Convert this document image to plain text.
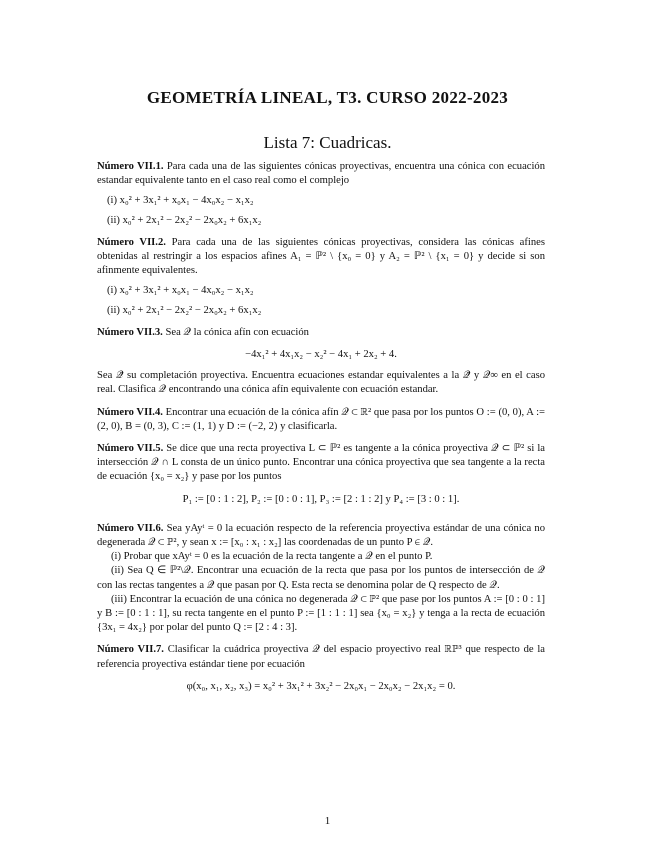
GEOMETRÍA LINEAL, T3. CURSO 2022-2023
Lista 7: Cuadricas.

Número VII.1. Para cada una de las siguientes cónicas proyectivas, encuentra una cónica con ecuación estandar equivalente tanto en el caso real como el complejo

(i) x₀² + 3x₁² + x₀x₁ − 4x₀x₂ − x₁x₂
(ii) x₀² + 2x₁² − 2x₂² − 2x₀x₂ + 6x₁x₂

Número VII.2. Para cada una de las siguientes cónicas proyectivas, considera las cónicas afines obtenidas al restringir a los espacios afines A₁ = ℙ² \ {x₀ = 0} y A₂ = ℙ² \ {x₁ = 0} y decide si son afinmente equivalentes.

(i) x₀² + 3x₁² + x₀x₁ − 4x₀x₂ − x₁x₂
(ii) x₀² + 2x₁² − 2x₂² − 2x₀x₂ + 6x₁x₂

Número VII.3. Sea 𝒬 la cónica afín con ecuación

−4x₁² + 4x₁x₂ − x₂² − 4x₁ + 2x₂ + 4.

Sea 𝒬̄ su completación proyectiva. Encuentra ecuaciones estandar equivalentes a la 𝒬̄ y 𝒬∞ en el caso real. Clasifica 𝒬 encontrando una cónica afín equivalente con ecuación estandar.

Número VII.4. Encontrar una ecuación de la cónica afín 𝒬 ⊂ ℝ² que pasa por los puntos O := (0, 0), A := (2, 0), B = (0, 3), C := (1, 1) y D := (−2, 2) y clasificarla.

Número VII.5. Se dice que una recta proyectiva L ⊂ ℙ² es tangente a la cónica proyectiva 𝒬 ⊂ ℙ² si la intersección 𝒬 ∩ L consta de un único punto. Encontrar una cónica proyectiva que sea tangente a la recta de ecuación {x₀ = x₂} y pase por los puntos

P₁ := [0 : 1 : 2], P₂ := [0 : 0 : 1], P₃ := [2 : 1 : 2] y P₄ := [3 : 0 : 1].

Número VII.6. Sea yAyᵗ = 0 la ecuación respecto de la referencia proyectiva estándar de una cónica no degenerada 𝒬 ⊂ ℙ², y sean x := [x₀ : x₁ : x₂] las coordenadas de un punto P ∈ 𝒬.

(i) Probar que xAyᵗ = 0 es la ecuación de la recta tangente a 𝒬 en el punto P.

(ii) Sea Q ∈ ℙ²\𝒬. Encontrar una ecuación de la recta que pasa por los puntos de intersección de 𝒬 con las rectas tangentes a 𝒬 que pasan por Q. Esta recta se denomina polar de Q respecto de 𝒬.

(iii) Encontrar la ecuación de una cónica no degenerada 𝒬 ⊂ ℙ² que pase por los puntos A := [0 : 0 : 1] y B := [0 : 1 : 1], su recta tangente en el punto P := [1 : 1 : 1] sea {x₀ = x₂} y tenga a la recta de ecuación {3x₁ = 4x₂} por polar del punto Q := [2 : 4 : 3].

Número VII.7. Clasificar la cuádrica proyectiva 𝒬 del espacio proyectivo real ℝℙ³ que respecto de la referencia proyectiva estándar tiene por ecuación

φ(x₀, x₁, x₂, x₃) = x₀² + 3x₁² + 3x₂² − 2x₀x₁ − 2x₀x₂ − 2x₁x₂ = 0.
1
